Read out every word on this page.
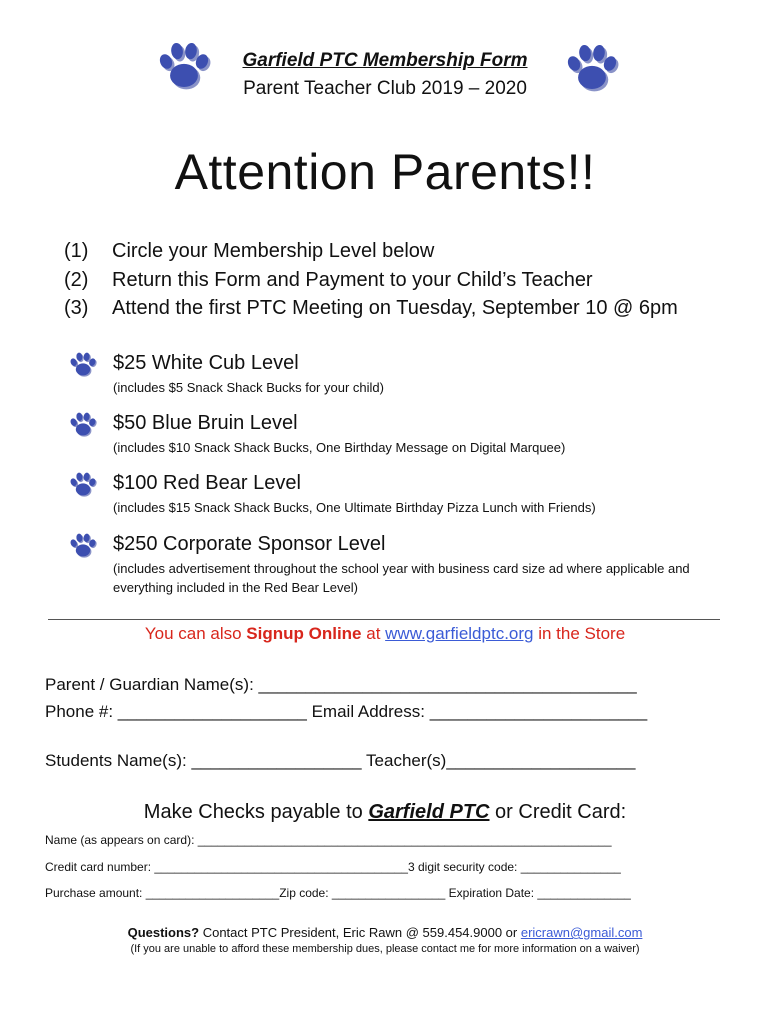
Garfield PTC Membership Form
Parent Teacher Club 2019 – 2020
Attention Parents!!
(1) Circle your Membership Level below
(2) Return this Form and Payment to your Child’s Teacher
(3) Attend the first PTC Meeting on Tuesday, September 10 @ 6pm
$25 White Cub Level
(includes $5 Snack Shack Bucks for your child)
$50 Blue Bruin Level
(includes $10 Snack Shack Bucks, One Birthday Message on Digital Marquee)
$100 Red Bear Level
(includes $15 Snack Shack Bucks, One Ultimate Birthday Pizza Lunch with Friends)
$250 Corporate Sponsor Level
(includes advertisement throughout the school year with business card size ad where applicable and everything included in the Red Bear Level)
You can also Signup Online at www.garfieldptc.org in the Store
Parent / Guardian Name(s): ________________________________________
Phone #: ____________________ Email Address: _______________________
Students Name(s): __________________ Teacher(s)____________________
Make Checks payable to Garfield PTC or Credit Card:
Name (as appears on card): ______________________________________________________________
Credit card number: ______________________________________3 digit security code: _______________
Purchase amount: ____________________Zip code: _________________ Expiration Date: ______________
Questions? Contact PTC President, Eric Rawn @ 559.454.9000 or ericrawn@gmail.com
(If you are unable to afford these membership dues, please contact me for more information on a waiver)
